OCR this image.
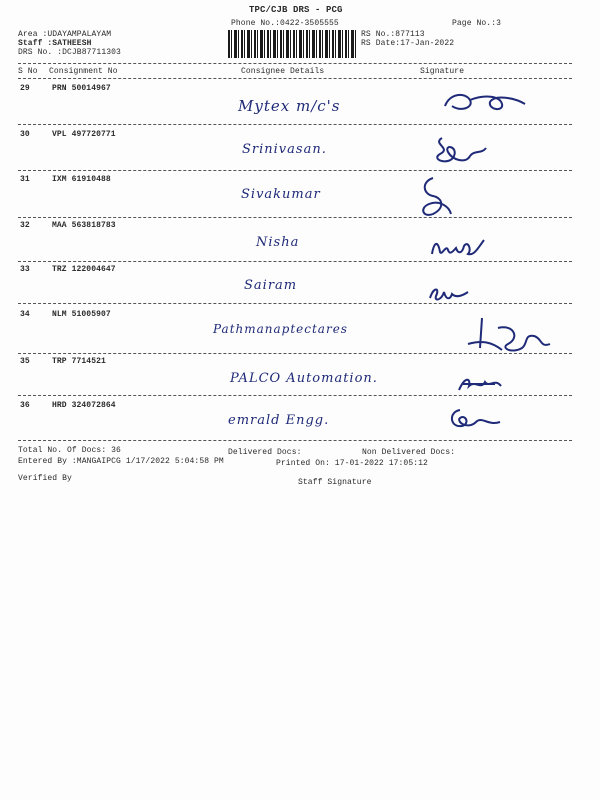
TPC/CJB DRS - PCG
Phone No.:0422-3505555	Page No.:3
Area :UDAYAMPALAYAM
Staff :SATHEESH
DRS No. :DCJB87711303
RS No.:877113
RS Date:17-Jan-2022
S No Consignment No	Consignee Details	Signature
29	PRN 50014967
Mytex m/c's
30	VPL 497720771
Srinivasan.
31	IXM 61910488
Sivakumar
32	MAA 563818783
Nisha
33	TRZ 122004647
Sairam
34	NLM 51005907
Pathmanaptectares
35	TRP 7714521
PALCO Automation.
36	HRD 324072864
emrald Engg.
Total No. Of Docs: 36	Delivered Docs:	Non Delivered Docs:
Entered By :MANGAIPCG 1/17/2022 5:04:58 PM	Printed On: 17-01-2022 17:05:12
Verified By	Staff Signature
